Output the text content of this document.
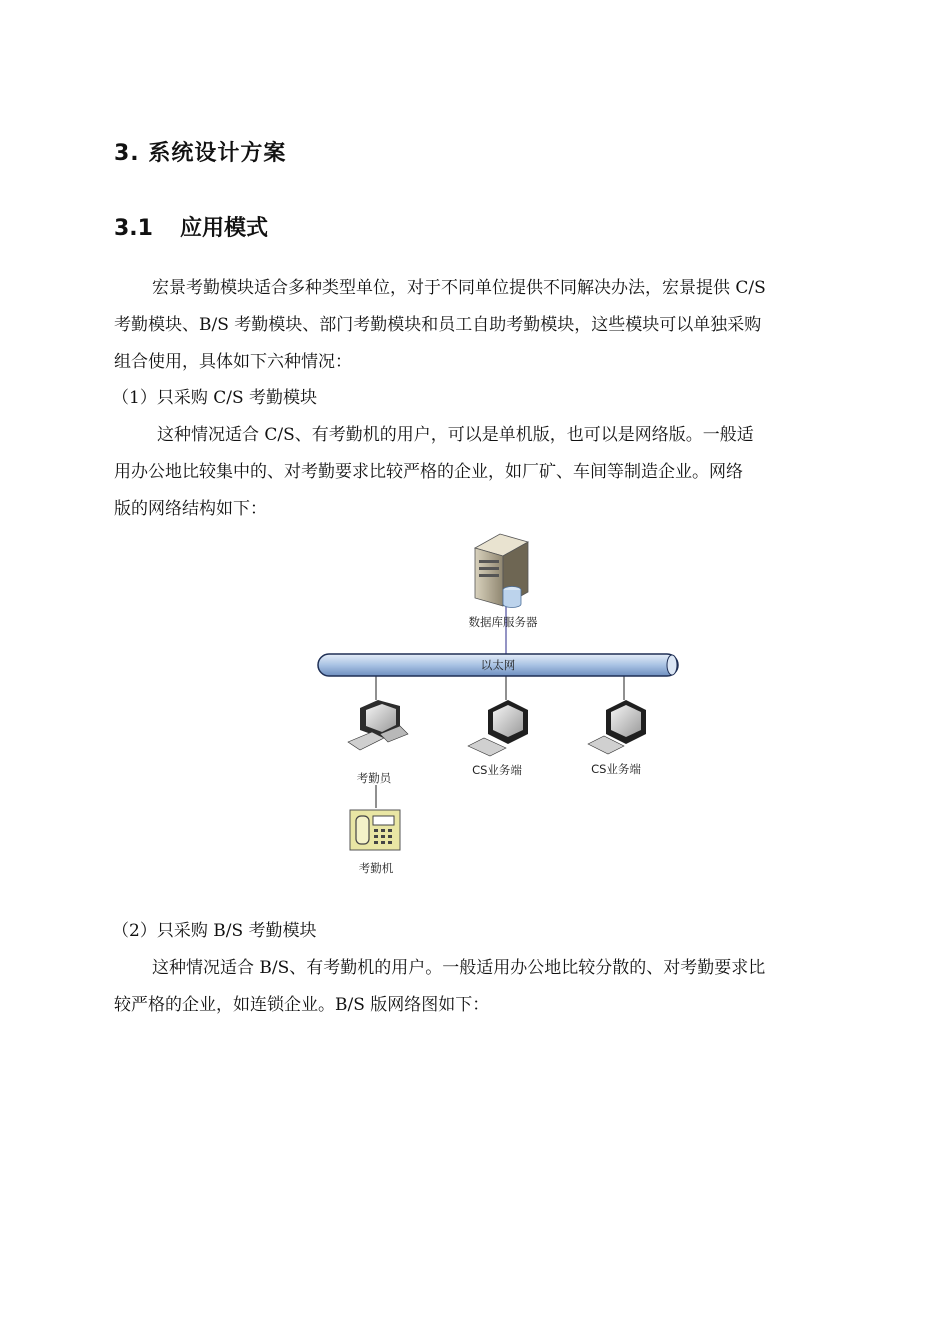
3. 系统设计方案
3.1 应用模式
宏景考勤模块适合多种类型单位，对于不同单位提供不同解决办法，宏景提供 C/S
考勤模块、B/S 考勤模块、部门考勤模块和员工自助考勤模块，这些模块可以单独采购
组合使用，具体如下六种情况：
（1）只采购 C/S 考勤模块
这种情况适合 C/S、有考勤机的用户，可以是单机版，也可以是网络版。一般适
用办公地比较集中的、对考勤要求比较严格的企业，如厂矿、车间等制造企业。网络
版的网络结构如下：
数据库服务器
以太网
考勤员
CS业务端	CS业务端
考勤机
（2）只采购 B/S 考勤模块
这种情况适合 B/S、有考勤机的用户。一般适用办公地比较分散的、对考勤要求比
较严格的企业，如连锁企业。B/S 版网络图如下：
